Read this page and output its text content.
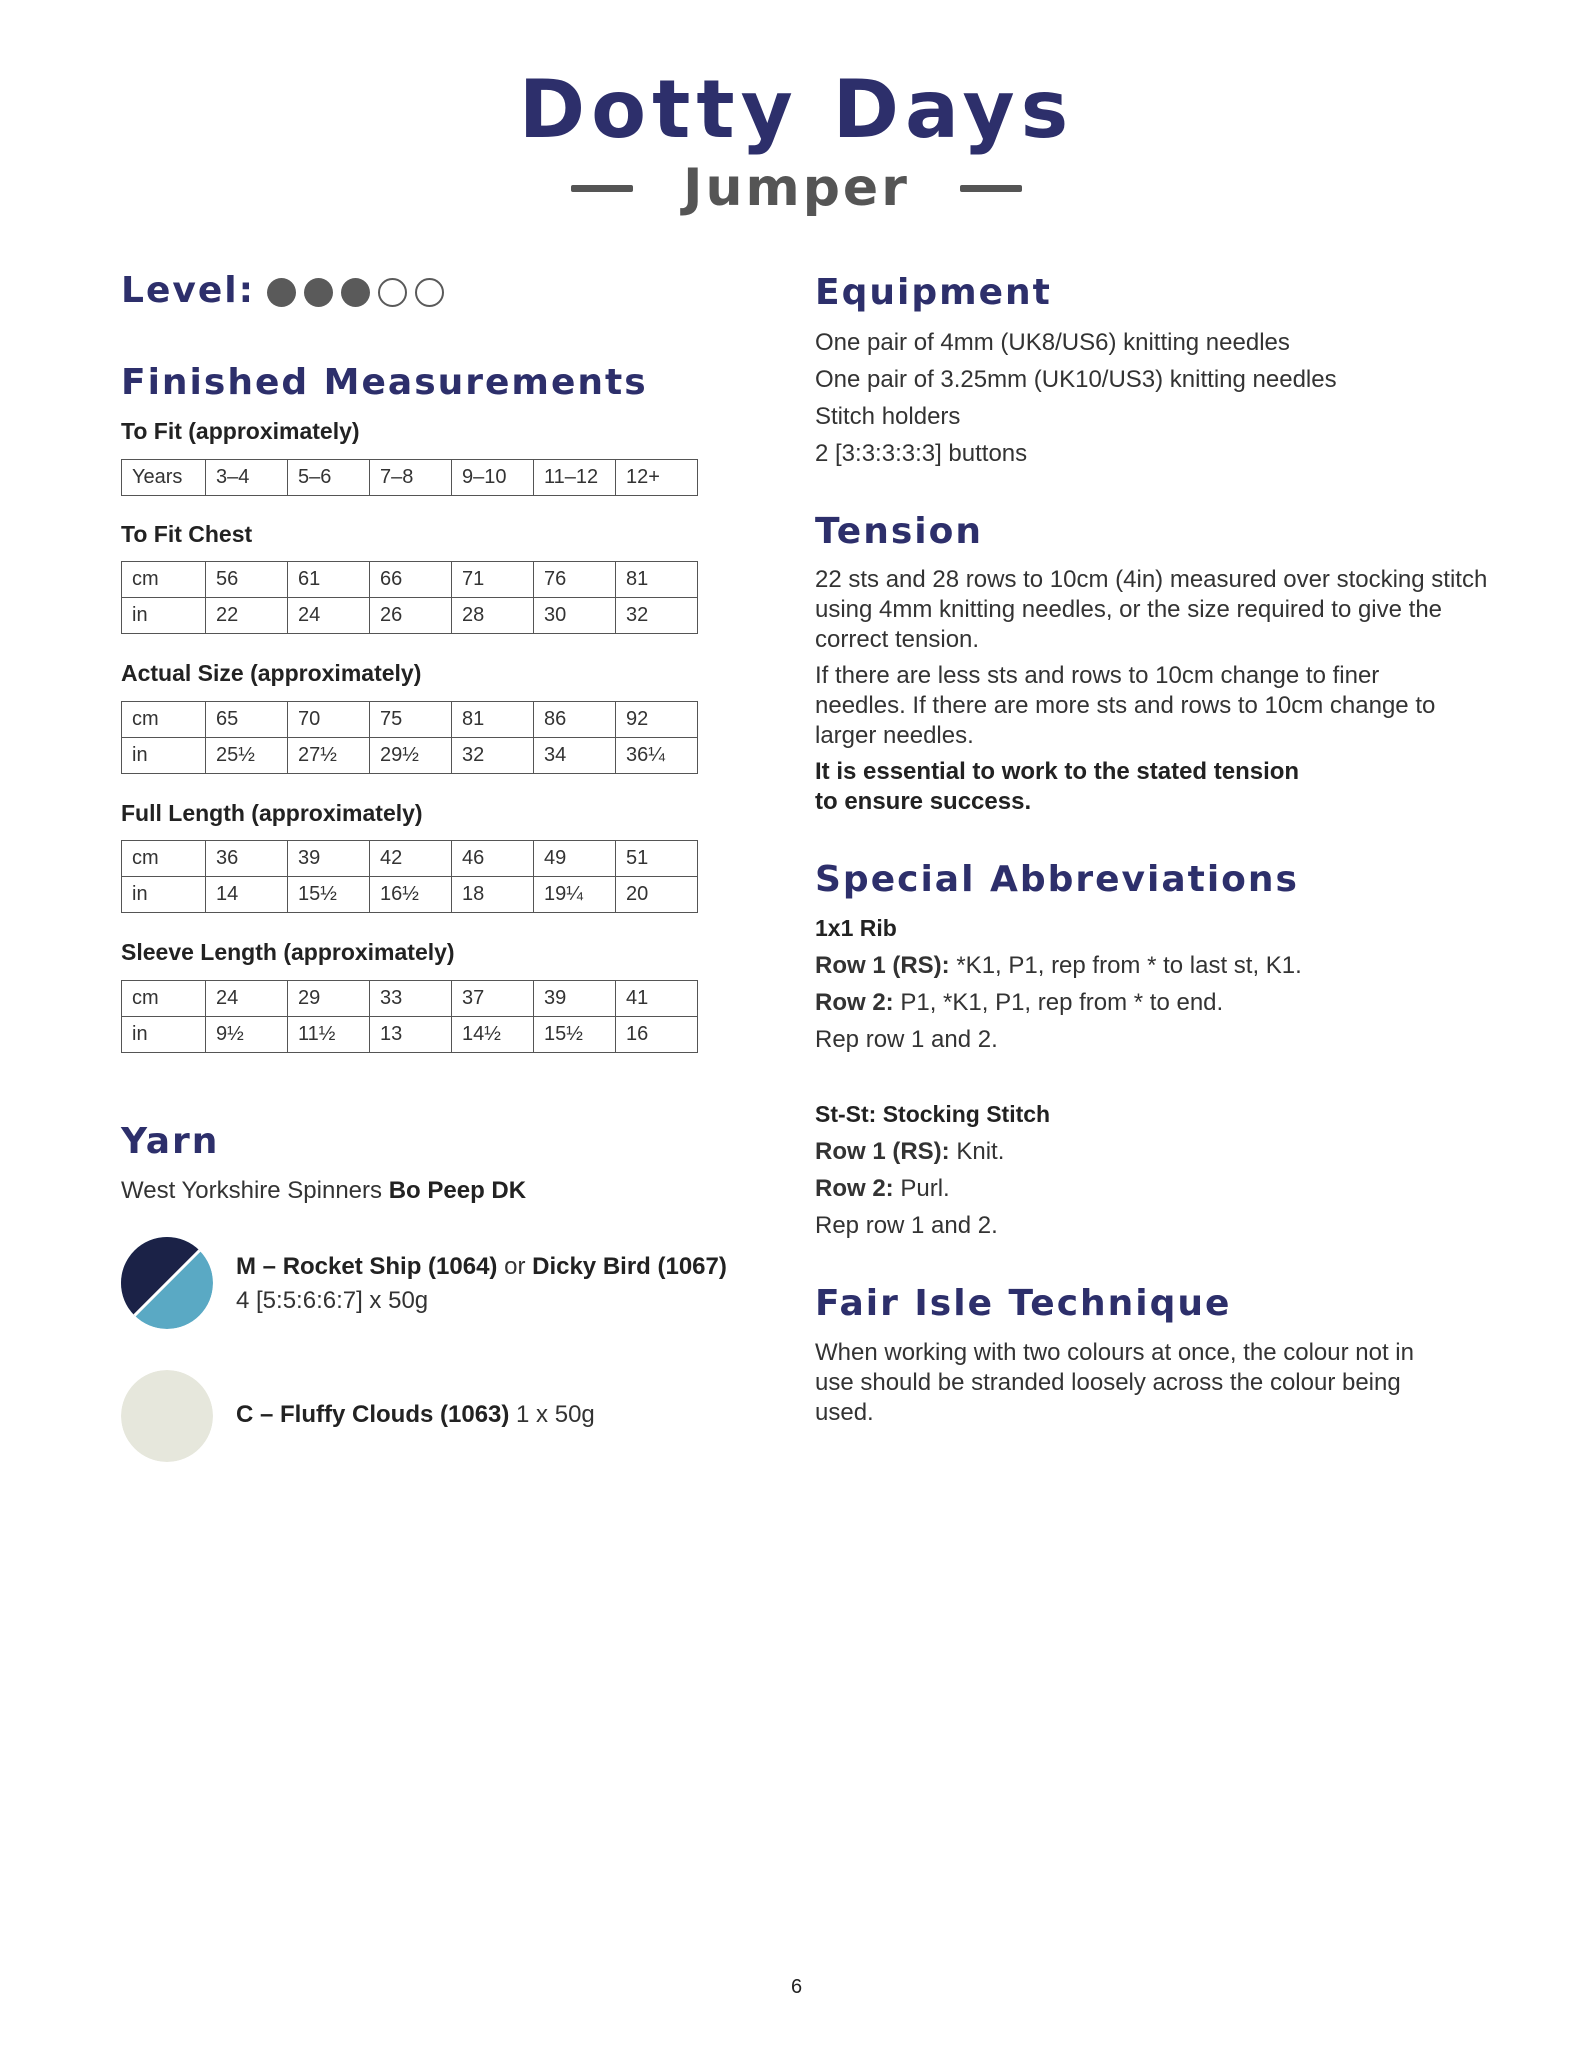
Dotty Days
Jumper
Level:
Finished Measurements
To Fit (approximately)
Years	3–4	5–6	7–8	9–10	11–12	12+
To Fit Chest
cm	56	61	66	71	76	81
in	22	24	26	28	30	32
Actual Size (approximately)
cm	65	70	75	81	86	92
in	25½	27½	29½	32	34	36¼
Full Length (approximately)
cm	36	39	42	46	49	51
in	14	15½	16½	18	19¼	20
Sleeve Length (approximately)
cm	24	29	33	37	39	41
in	9½	11½	13	14½	15½	16
Yarn
West Yorkshire Spinners Bo Peep DK
M – Rocket Ship (1064) or Dicky Bird (1067)
4 [5:5:6:6:7] x 50g
C – Fluffy Clouds (1063) 1 x 50g
Equipment
One pair of 4mm (UK8/US6) knitting needles
One pair of 3.25mm (UK10/US3) knitting needles
Stitch holders
2 [3:3:3:3:3] buttons
Tension
22 sts and 28 rows to 10cm (4in) measured over stocking stitch using 4mm knitting needles, or the size required to give the correct tension.
If there are less sts and rows to 10cm change to finer needles. If there are more sts and rows to 10cm change to larger needles.
It is essential to work to the stated tension
to ensure success.
Special Abbreviations
1x1 Rib
Row 1 (RS): *K1, P1, rep from * to last st, K1.
Row 2: P1, *K1, P1, rep from * to end.
Rep row 1 and 2.
St-St: Stocking Stitch
Row 1 (RS): Knit.
Row 2: Purl.
Rep row 1 and 2.
Fair Isle Technique
When working with two colours at once, the colour not in use should be stranded loosely across the colour being used.
6
